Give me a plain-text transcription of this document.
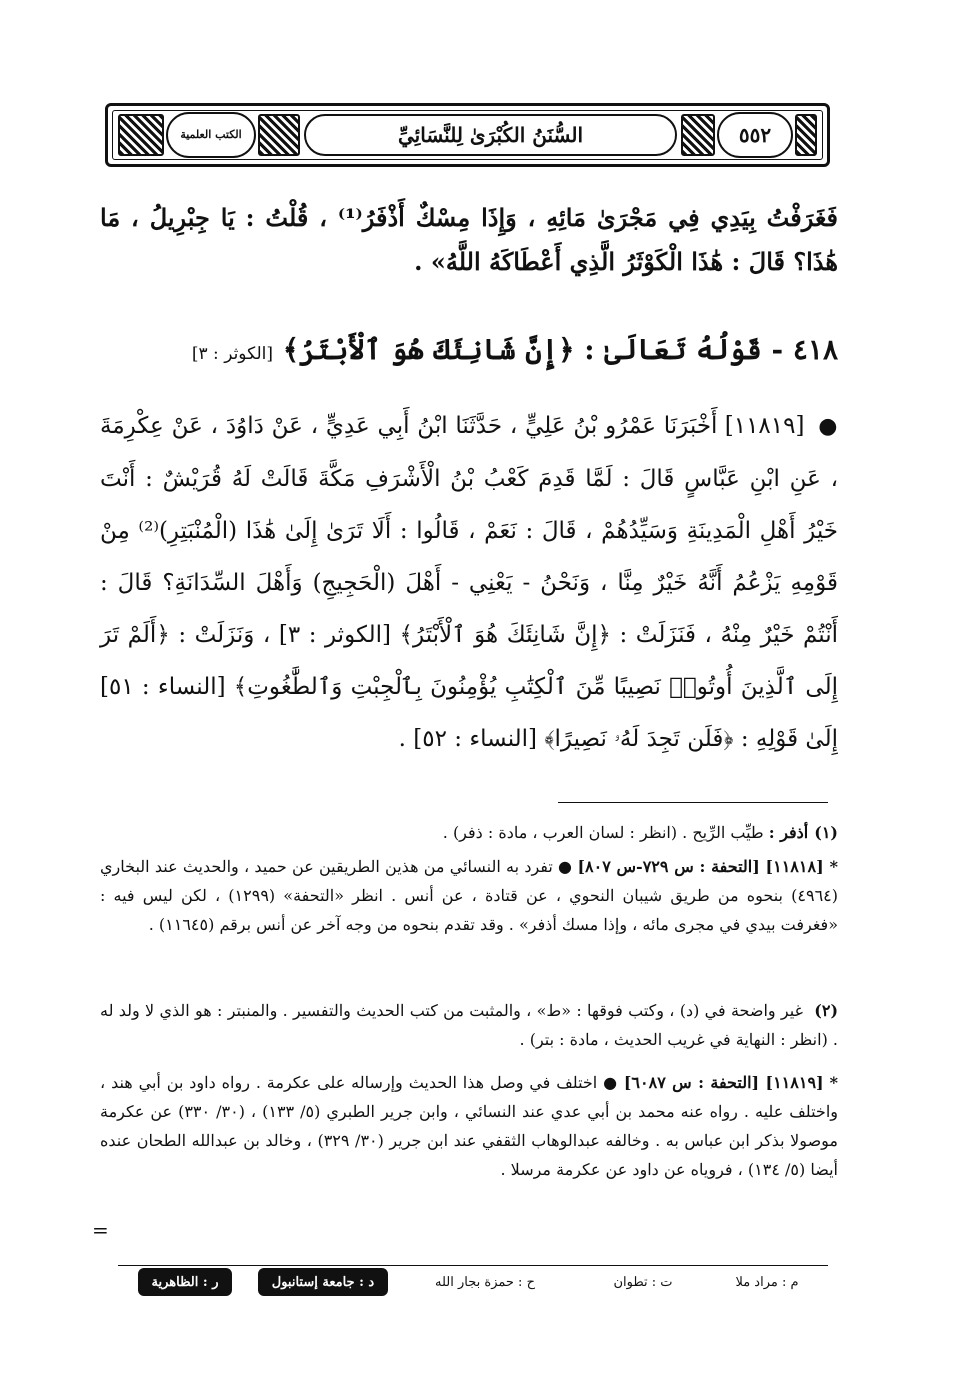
الكتب العلمية	السُّنَنُ الكُبْرَىٰ لِلنَّسَائِيِّ	٥٥٢
فَغَرَفْتُ بِيَدِي فِي مَجْرَىٰ مَائِهِ ، وَإِذَا مِسْكٌ أَذْفَرُ⁽¹⁾ ، قُلْتُ : يَا جِبْرِيلُ ، مَا هَٰذَا؟ قَالَ : هَٰذَا الْكَوْثَرُ الَّذِي أَعْطَاكَهُ اللَّهُ» .
٤١٨ - قَوْلُهُ تَعَالَىٰ : ﴿إِنَّ شَانِئَكَ هُوَ ٱلْأَبْتَرُ﴾ [الكوثر : ٣]
● [١١٨١٩] أَخْبَرَنَا عَمْرُو بْنُ عَلِيٍّ ، حَدَّثَنَا ابْنُ أَبِي عَدِيٍّ ، عَنْ دَاوُدَ ، عَنْ عِكْرِمَةَ ، عَنِ ابْنِ عَبَّاسٍ قَالَ : لَمَّا قَدِمَ كَعْبُ بْنُ الْأَشْرَفِ مَكَّةَ قَالَتْ لَهُ قُرَيْشٌ : أَنْتَ خَيْرُ أَهْلِ الْمَدِينَةِ وَسَيِّدُهُمْ ، قَالَ : نَعَمْ ، قَالُوا : أَلَا تَرَىٰ إِلَىٰ هَٰذَا (الْمُنْبَتِرِ)⁽²⁾ مِنْ قَوْمِهِ يَزْعُمُ أَنَّهُ خَيْرٌ مِنَّا ، وَنَحْنُ - يَعْنِي - أَهْلَ (الْحَجِيجِ) وَأَهْلَ السِّدَانَةِ؟ قَالَ : أَنْتُمْ خَيْرٌ مِنْهُ ، فَنَزَلَتْ : ﴿إِنَّ شَانِئَكَ هُوَ ٱلْأَبْتَرُ﴾ [الكوثر : ٣] ، وَنَزَلَتْ : ﴿أَلَمْ تَرَ إِلَى ٱلَّذِينَ أُوتُوا۟ نَصِيبًا مِّنَ ٱلْكِتَٰبِ يُؤْمِنُونَ بِٱلْجِبْتِ وَٱلطَّٰغُوتِ﴾ [النساء : ٥١] إِلَىٰ قَوْلِهِ : ﴿فَلَن تَجِدَ لَهُۥ نَصِيرًا﴾ [النساء : ٥٢] .
(١)أذفر : طيِّب الرِّيح . (انظر : لسان العرب ، مادة : ذفر) .
*[١١٨١٨] [التحفة : س ٧٢٩-س ٨٠٧] ● تفرد به النسائي من هذين الطريقين عن حميد ، والحديث عند البخاري (٤٩٦٤) بنحوه من طريق شيبان النحوي ، عن قتادة ، عن أنس . انظر «التحفة» (١٢٩٩) ، لكن ليس فيه : «فغرفت بيدي في مجرى مائه ، وإذا مسك أذفر» . وقد تقدم بنحوه من وجه آخر عن أنس برقم (١١٦٤٥) .
(٢) غير واضحة في (د) ، وكتب فوقها : «ط» ، والمثبت من كتب الحديث والتفسير . والمنبتر : هو الذي لا ولد له . (انظر : النهاية في غريب الحديث ، مادة : بتر) .
*[١١٨١٩] [التحفة : س ٦٠٨٧] ● اختلف في وصل هذا الحديث وإرساله على عكرمة . رواه داود بن أبي هند ، واختلف عليه . رواه عنه محمد بن أبي عدي عند النسائي ، وابن جرير الطبري (٥/ ١٣٣) ، (٣٠/ ٣٣٠) عن عكرمة موصولا بذكر ابن عباس به . وخالفه عبدالوهاب الثقفي عند ابن جرير (٣٠/ ٣٢٩) ، وخالد بن عبدالله الطحان عنده أيضا (٥/ ١٣٤) ، فروياه عن داود عن عكرمة مرسلا .
=
م : مراد ملا
ت : تطوان
ح : حمزة بجار الله
د : جامعة إستانبول
ر : الظاهرية
